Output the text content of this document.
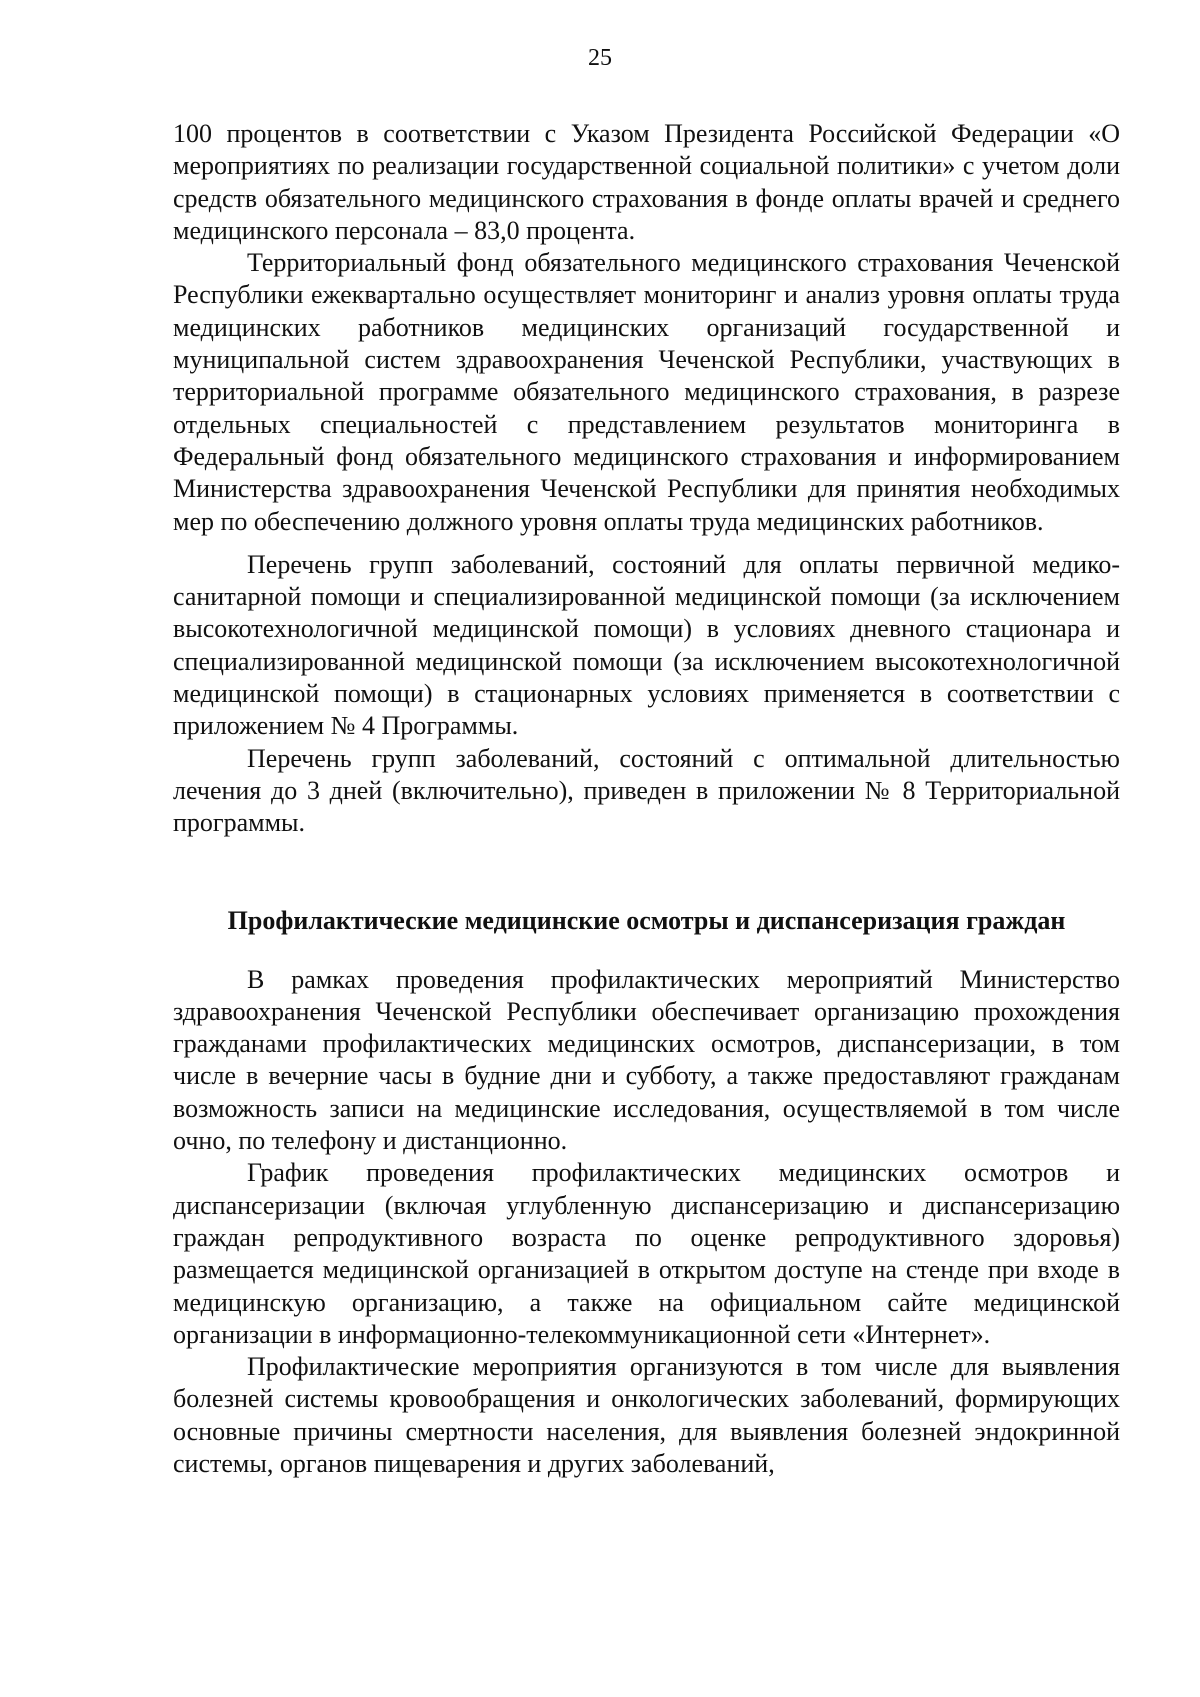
25

100 процентов в соответствии с Указом Президента Российской Федерации «О мероприятиях по реализации государственной социальной политики» с учетом доли средств обязательного медицинского страхования в фонде оплаты врачей и среднего медицинского персонала – 83,0 процента.

Территориальный фонд обязательного медицинского страхования Чеченской Республики ежеквартально осуществляет мониторинг и анализ уровня оплаты труда медицинских работников медицинских организаций государственной и муниципальной систем здравоохранения Чеченской Республики, участвующих в территориальной программе обязательного медицинского страхования, в разрезе отдельных специальностей с представлением результатов мониторинга в Федеральный фонд обязательного медицинского страхования и информированием Министерства здравоохранения Чеченской Республики для принятия необходимых мер по обеспечению должного уровня оплаты труда медицинских работников.

Перечень групп заболеваний, состояний для оплаты первичной медико-санитарной помощи и специализированной медицинской помощи (за исключением высокотехнологичной медицинской помощи) в условиях дневного стационара и специализированной медицинской помощи (за исключением высокотехнологичной медицинской помощи) в стационарных условиях применяется в соответствии с приложением № 4 Программы.

Перечень групп заболеваний, состояний с оптимальной длительностью лечения до 3 дней (включительно), приведен в приложении № 8 Территориальной программы.

Профилактические медицинские осмотры и диспансеризация граждан

В рамках проведения профилактических мероприятий Министерство здравоохранения Чеченской Республики обеспечивает организацию прохождения гражданами профилактических медицинских осмотров, диспансеризации, в том числе в вечерние часы в будние дни и субботу, а также предоставляют гражданам возможность записи на медицинские исследования, осуществляемой в том числе очно, по телефону и дистанционно.

График проведения профилактических медицинских осмотров и диспансеризации (включая углубленную диспансеризацию и диспансеризацию граждан репродуктивного возраста по оценке репродуктивного здоровья) размещается медицинской организацией в открытом доступе на стенде при входе в медицинскую организацию, а также на официальном сайте медицинской организации в информационно-телекоммуникационной сети «Интернет».

Профилактические мероприятия организуются в том числе для выявления болезней системы кровообращения и онкологических заболеваний, формирующих основные причины смертности населения, для выявления болезней эндокринной системы, органов пищеварения и других заболеваний,
